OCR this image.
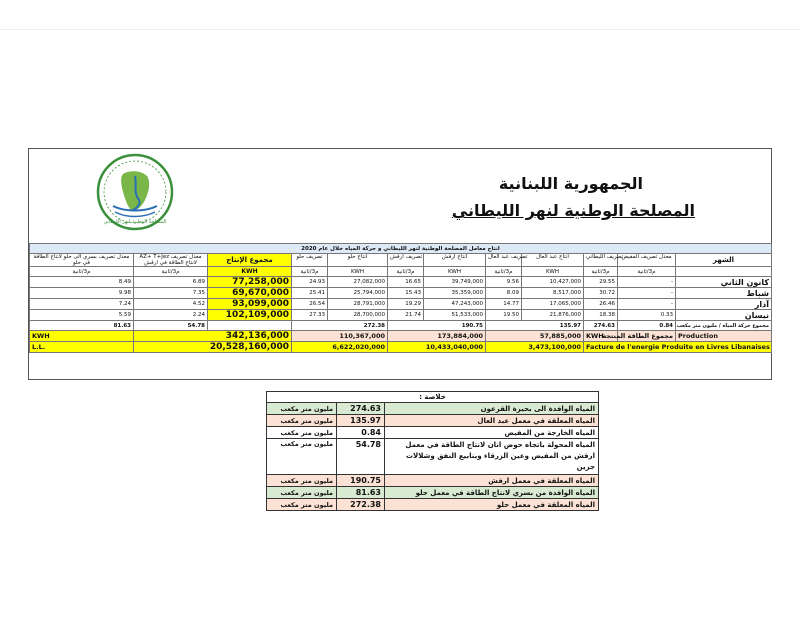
المصلحة الوطنية لنهر الليطاني
الجمهورية اللبنانية
المصلحة الوطنية لنهر الليطاني
انتاج معامل المصلحة الوطنية لنهر الليطاني و حركة المياه خلال عام 2020											
معدل تصريف بسري الى حلو لانتاج الطاقة في حلو	معدل تصريف AZ+ T+Jez لانتاج الطاقة في ارقش	مجموع الإنتاج	تصريف حلو	انتاج حلو	تصريف ارقش	انتاج ارقش	تصريف عبد العال	انتاج عبد العال	تصريف الليطاني	معدل تصريف المفيض	الشهر
م3/ثانية	م3/ثانية	KWH	م3/ثانية	KWH	م3/ثانية	KWH	م3/ثانية	KWH	م3/ثانية	م3/ثانية	
8.49	6.89	77,258,000	24.93	27,082,000	16.65	39,749,000	9.56	10,427,000	29.55	-	كانون الثاني
9.98	7.35	69,670,000	25.41	25,794,000	15.43	35,359,000	8.09	8,517,000	30.72	-	شباط
7.24	4.52	93,099,000	26.54	28,791,000	19.29	47,243,000	14.77	17,065,000	26.46	-	آذار
5.59	2.24	102,109,000	27.33	28,700,000	21.74	51,533,000	19.50	21,876,000	18.38	0.33	نيسان
81.63	54.78		272.38		190.75		135.97		274.63	0.84	مجموع حركة المياه / مليون متر مكعب
KWH	342,136,000		110,367,000		173,884,000		57,885,000		KWH	مجموع الطاقة المنتجة	Production
L.L.	20,528,160,000		6,622,020,000		10,433,040,000		3,473,100,000		Facture de l'energie Produite en Livres Libanaises		
خلاصة :		
مليون متر مكعب	274.63	المياه الوافدة الى بحيرة القرعون
مليون متر مكعب	135.97	المياه المعلقة في معمل عبد العال
مليون متر مكعب	0.84	المياه الخارجة من المفيض
مليون متر مكعب	54.78	المياه المحولة باتجاه حوض انان لانتاج الطاقة في معمل ارقش من المفيض وعين الزرقاء وينابيع النفق وشلالات جزين
مليون متر مكعب	190.75	المياه المعلقة في معمل ارقش
مليون متر مكعب	81.63	المياه الوافدة من بسري لانتاج الطاقة في معمل حلو
مليون متر مكعب	272.38	المياه المعلقة في معمل حلو
